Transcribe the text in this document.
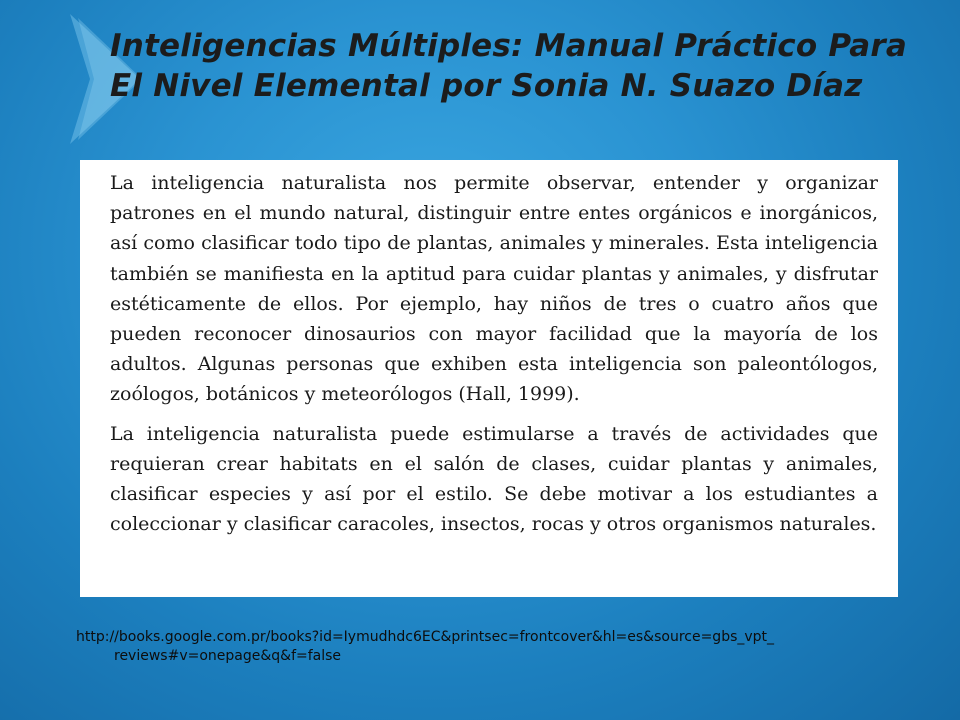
Inteligencias Múltiples: Manual Práctico Para
El Nivel Elemental por Sonia N. Suazo Díaz

La inteligencia naturalista nos permite observar, entender y organizar patrones en el mundo natural, distinguir entre entes orgánicos e inorgánicos, así como clasificar todo tipo de plantas, animales y minerales. Esta inteligencia también se manifiesta en la aptitud para cuidar plantas y animales, y disfrutar estéticamente de ellos. Por ejemplo, hay niños de tres o cuatro años que pueden reconocer dinosaurios con mayor facilidad que la mayoría de los adultos. Algunas personas que exhiben esta inteligencia son paleontólogos, zoólogos, botánicos y meteorólogos (Hall, 1999).

La inteligencia naturalista puede estimularse a través de actividades que requieran crear habitats en el salón de clases, cuidar plantas y animales, clasificar especies y así por el estilo. Se debe motivar a los estudiantes a coleccionar y clasificar caracoles, insectos, rocas y otros organismos naturales.

http://books.google.com.pr/books?id=Iymudhdc6EC&printsec=frontcover&hl=es&source=gbs_vpt_
reviews#v=onepage&q&f=false
